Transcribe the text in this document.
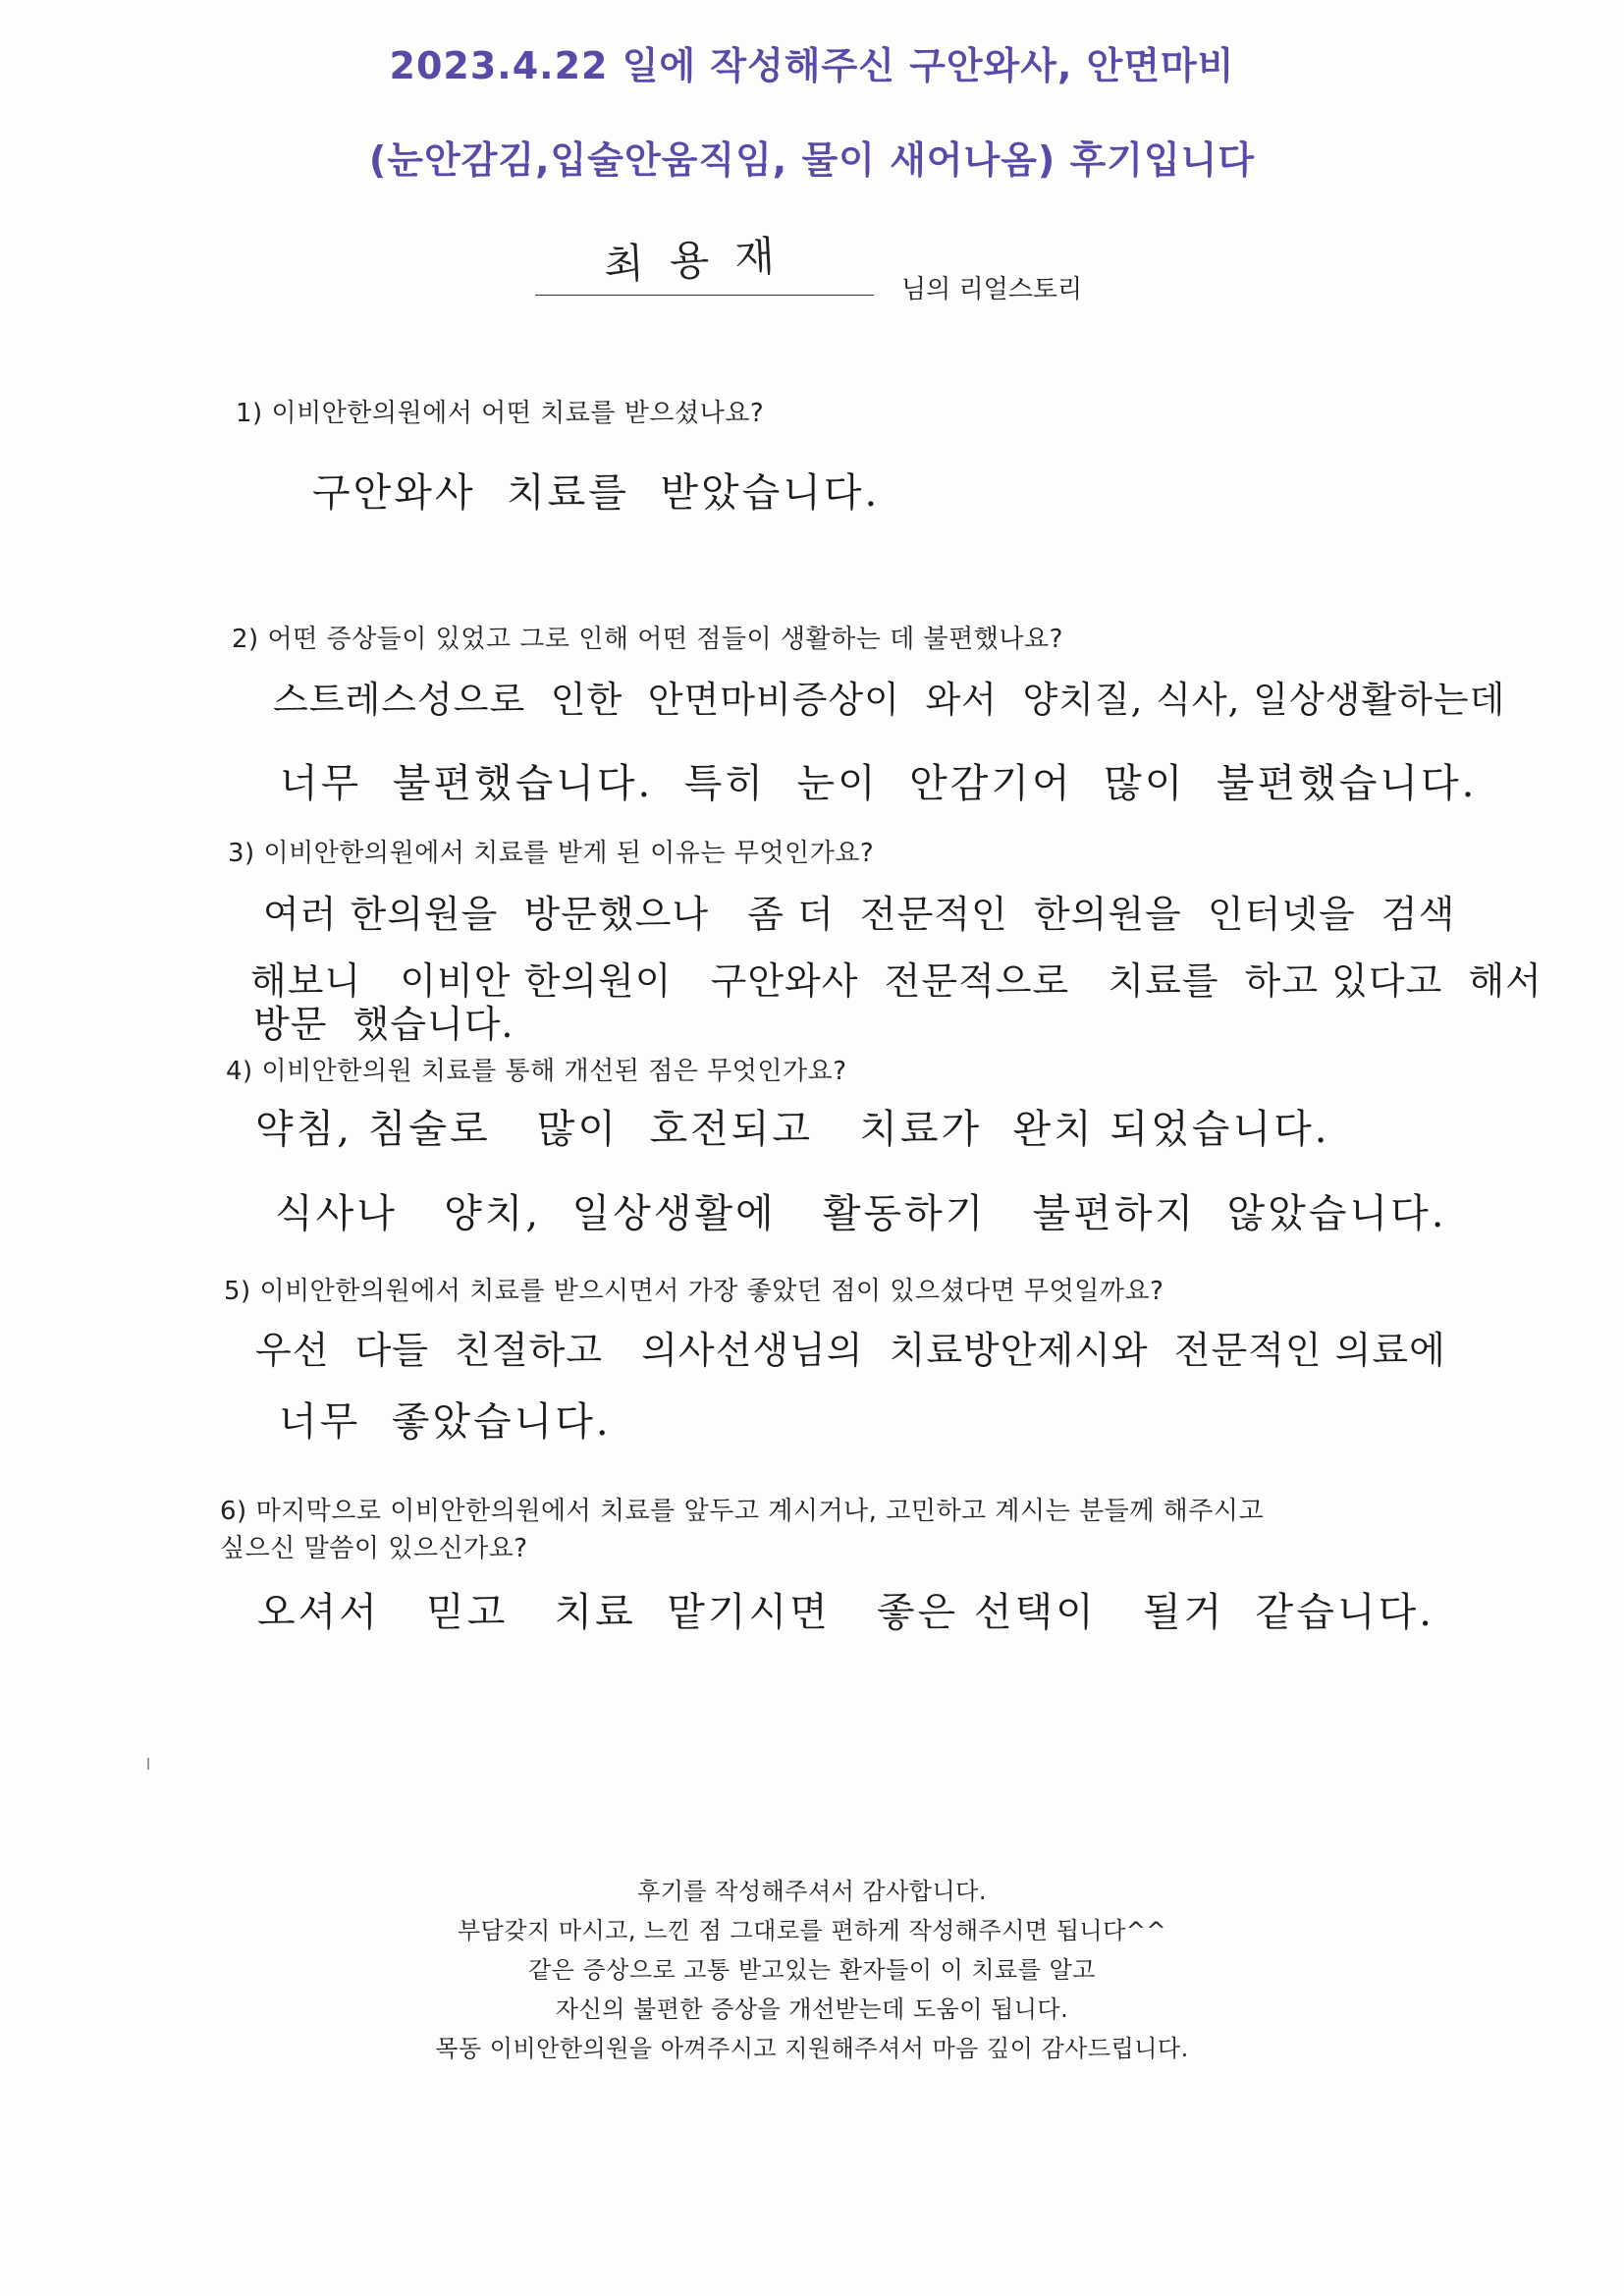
2023.4.22 일에 작성해주신 구안와사, 안면마비
(눈안감김,입술안움직임, 물이 새어나옴) 후기입니다
최용재
님의 리얼스토리
1) 이비안한의원에서 어떤 치료를 받으셨나요?
구안와사  치료를  받았습니다.
2) 어떤 증상들이 있었고 그로 인해 어떤 점들이 생활하는 데 불편했나요?
스트레스성으로  인한  안면마비증상이  와서  양치질, 식사, 일상생활하는데
너무  불편했습니다.  특히  눈이  안감기어  많이  불편했습니다.
3) 이비안한의원에서 치료를 받게 된 이유는 무엇인가요?
여러 한의원을  방문했으나   좀 더  전문적인  한의원을  인터넷을  검색
해보니   이비안 한의원이   구안와사  전문적으로   치료를  하고 있다고  해서
방문  했습니다.
4) 이비안한의원 치료를 통해 개선된 점은 무엇인가요?
약침, 침술로   많이  호전되고   치료가  완치 되었습니다.
식사나   양치,  일상생활에   활동하기   불편하지  않았습니다.
5) 이비안한의원에서 치료를 받으시면서 가장 좋았던 점이 있으셨다면 무엇일까요?
우선  다들  친절하고   의사선생님의  치료방안제시와  전문적인 의료에
너무  좋았습니다.
6) 마지막으로 이비안한의원에서 치료를 앞두고 계시거나, 고민하고 계시는 분들께 해주시고
싶으신 말씀이 있으신가요?
오셔서   믿고   치료  맡기시면   좋은 선택이   될거  같습니다.
후기를 작성해주셔서 감사합니다.
부담갖지 마시고, 느낀 점 그대로를 편하게 작성해주시면 됩니다^^
같은 증상으로 고통 받고있는 환자들이 이 치료를 알고
자신의 불편한 증상을 개선받는데 도움이 됩니다.
목동 이비안한의원을 아껴주시고 지원해주셔서 마음 깊이 감사드립니다.
